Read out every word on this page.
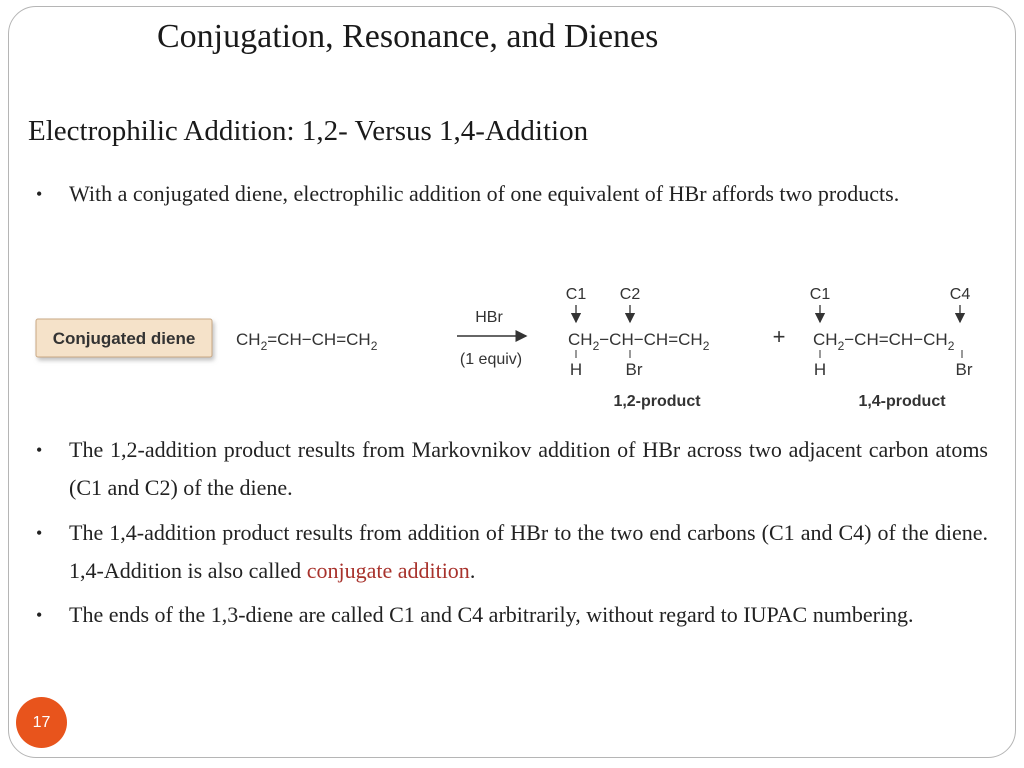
Conjugation, Resonance, and Dienes
Electrophilic Addition: 1,2- Versus 1,4-Addition
• With a conjugated diene, electrophilic addition of one equivalent of HBr affords two products.
Conjugated diene $CH_2=CH-CH=CH_2$
HBr
(1 equiv)
C1 C2
$CH_2-CH-CH=CH_2$
H	Br
1,2-product
+
C1	C4
$CH_2-CH=CH-CH_2$
H	Br
1,4-product
• The 1,2-addition product results from Markovnikov addition of HBr across two adjacent carbon atoms (C1 and C2) of the diene.
• The 1,4-addition product results from addition of HBr to the two end carbons (C1 and C4) of the diene. 1,4-Addition is also called conjugate addition.
• The ends of the 1,3-diene are called C1 and C4 arbitrarily, without regard to IUPAC numbering.
17
